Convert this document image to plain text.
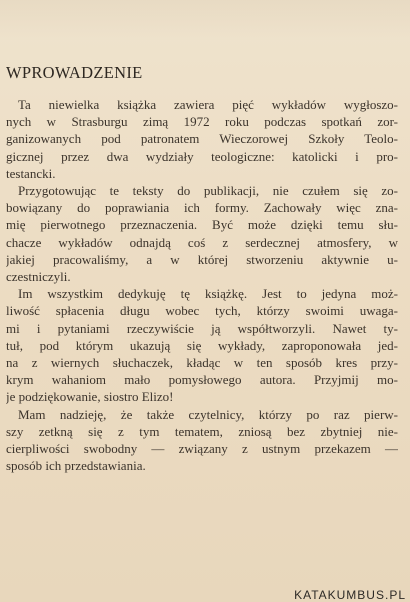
WPROWADZENIE
Ta niewielka książka zawiera pięć wykładów wygłoszo-
nych w Strasburgu zimą 1972 roku podczas spotkań zor-
ganizowanych pod patronatem Wieczorowej Szkoły Teolo-
gicznej przez dwa wydziały teologiczne: katolicki i pro-
testancki.
Przygotowując te teksty do publikacji, nie czułem się zo-
bowiązany do poprawiania ich formy. Zachowały więc zna-
mię pierwotnego przeznaczenia. Być może dzięki temu słu-
chacze wykładów odnajdą coś z serdecznej atmosfery, w
jakiej pracowaliśmy, a w której stworzeniu aktywnie u-
czestniczyli.
Im wszystkim dedykuję tę książkę. Jest to jedyna moż-
liwość spłacenia długu wobec tych, którzy swoimi uwaga-
mi i pytaniami rzeczywiście ją współtworzyli. Nawet ty-
tuł, pod którym ukazują się wykłady, zaproponowała jed-
na z wiernych słuchaczek, kładąc w ten sposób kres przy-
krym wahaniom mało pomysłowego autora. Przyjmij mo-
je podziękowanie, siostro Elizo!
Mam nadzieję, że także czytelnicy, którzy po raz pierw-
szy zetkną się z tym tematem, zniosą bez zbytniej nie-
cierpliwości swobodny — związany z ustnym przekazem —
sposób ich przedstawiania.
KATAKUMBUS.PL
